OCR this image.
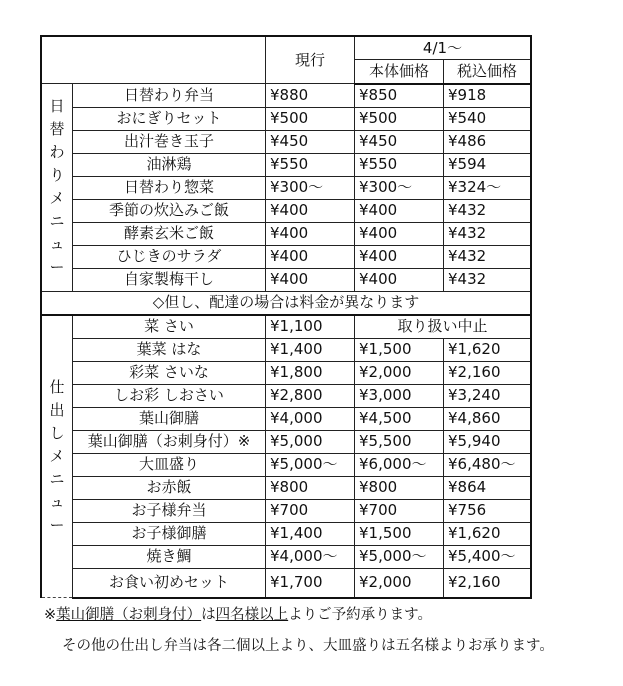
		現行	4/1～	
			本体価格	税込価格

日替わりメニュー	日替わり弁当	¥880	¥850	¥918
	おにぎりセット	¥500	¥500	¥540
	出汁巻き玉子	¥450	¥450	¥486
	油淋鶏	¥550	¥550	¥594
	日替わり惣菜	¥300～	¥300～	¥324～
	季節の炊込みご飯	¥400	¥400	¥432
	酵素玄米ご飯	¥400	¥400	¥432
	ひじきのサラダ	¥400	¥400	¥432
	自家製梅干し	¥400	¥400	¥432
◇但し、配達の場合は料金が異なります				

仕出しメニュー	菜 さい	¥1,100	取り扱い中止	
	葉菜 はな	¥1,400	¥1,500	¥1,620
	彩菜 さいな	¥1,800	¥2,000	¥2,160
	しお彩 しおさい	¥2,800	¥3,000	¥3,240
	葉山御膳	¥4,000	¥4,500	¥4,860
	葉山御膳（お刺身付）※	¥5,000	¥5,500	¥5,940
	大皿盛り	¥5,000～	¥6,000～	¥6,480～
	お赤飯	¥800	¥800	¥864
	お子様弁当	¥700	¥700	¥756
	お子様御膳	¥1,400	¥1,500	¥1,620
	焼き鯛	¥4,000～	¥5,000～	¥5,400～
	お食い初めセット	¥1,700	¥2,000	¥2,160
※葉山御膳（お刺身付）は四名様以上よりご予約承ります。
その他の仕出し弁当は各二個以上より、大皿盛りは五名様よりお承ります。
